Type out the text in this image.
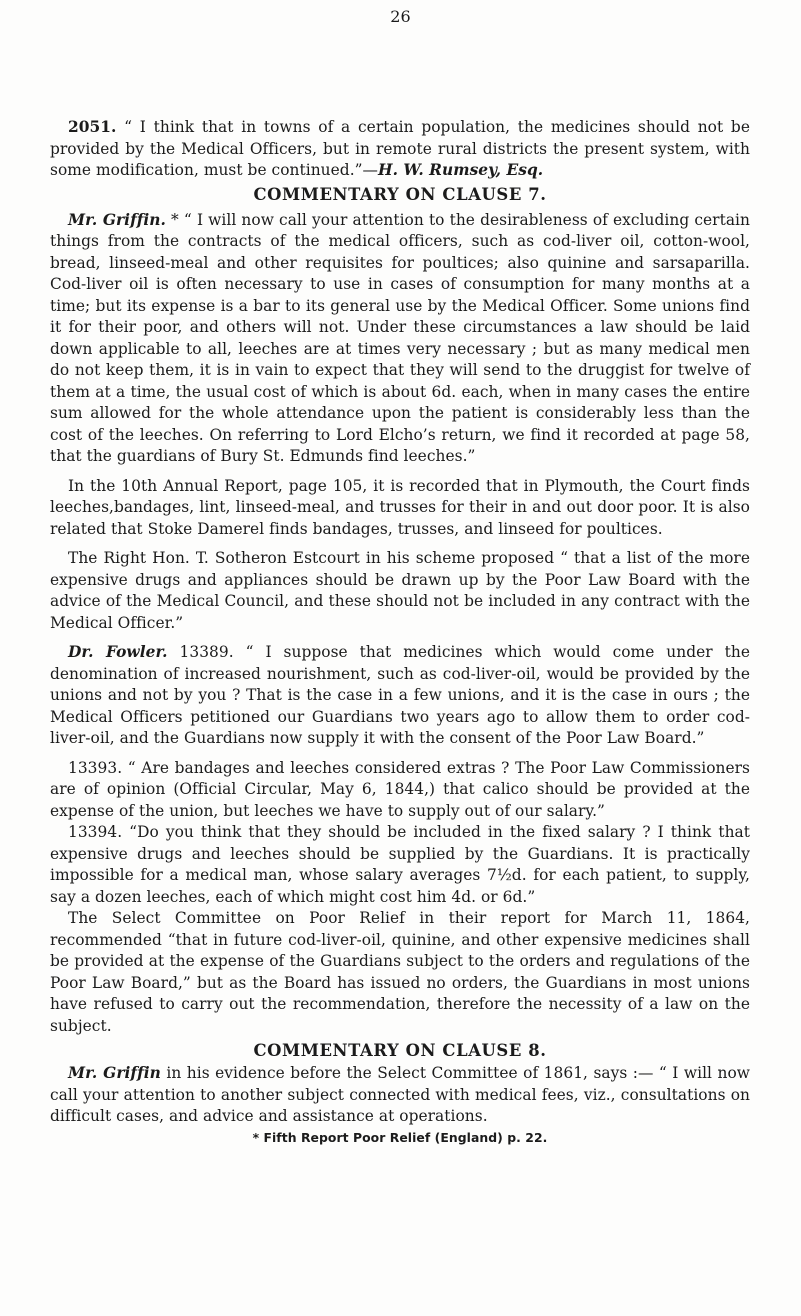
26

2051. “ I think that in towns of a certain population, the medicines should not be provided by the Medical Officers, but in remote rural districts the present system, with some modification, must be continued.”—H. W. Rumsey, Esq.

COMMENTARY ON CLAUSE 7.

Mr. Griffin. * “ I will now call your attention to the desirableness of excluding certain things from the contracts of the medical officers, such as cod-liver oil, cotton-wool, bread, linseed-meal and other requisites for poultices; also quinine and sarsaparilla. Cod-liver oil is often necessary to use in cases of consumption for many months at a time; but its expense is a bar to its general use by the Medical Officer. Some unions find it for their poor, and others will not. Under these circumstances a law should be laid down applicable to all, leeches are at times very necessary ; but as many medical men do not keep them, it is in vain to expect that they will send to the druggist for twelve of them at a time, the usual cost of which is about 6d. each, when in many cases the entire sum allowed for the whole attendance upon the patient is considerably less than the cost of the leeches. On referring to Lord Elcho’s return, we find it recorded at page 58, that the guardians of Bury St. Edmunds find leeches.”

In the 10th Annual Report, page 105, it is recorded that in Plymouth, the Court finds leeches,bandages, lint, linseed-meal, and trusses for their in and out door poor. It is also related that Stoke Damerel finds bandages, trusses, and linseed for poultices.

The Right Hon. T. Sotheron Estcourt in his scheme proposed “ that a list of the more expensive drugs and appliances should be drawn up by the Poor Law Board with the advice of the Medical Council, and these should not be included in any contract with the Medical Officer.”

Dr. Fowler. 13389. “ I suppose that medicines which would come under the denomination of increased nourishment, such as cod-liver-oil, would be provided by the unions and not by you ? That is the case in a few unions, and it is the case in ours ; the Medical Officers petitioned our Guardians two years ago to allow them to order cod-liver-oil, and the Guardians now supply it with the consent of the Poor Law Board.”

13393. “ Are bandages and leeches considered extras ? The Poor Law Commissioners are of opinion (Official Circular, May 6, 1844,) that calico should be provided at the expense of the union, but leeches we have to supply out of our salary.”

13394. “Do you think that they should be included in the fixed salary ? I think that expensive drugs and leeches should be supplied by the Guardians. It is practically impossible for a medical man, whose salary averages 7½d. for each patient, to supply, say a dozen leeches, each of which might cost him 4d. or 6d.”

The Select Committee on Poor Relief in their report for March 11, 1864, recommended “that in future cod-liver-oil, quinine, and other expensive medicines shall be provided at the expense of the Guardians subject to the orders and regulations of the Poor Law Board,” but as the Board has issued no orders, the Guardians in most unions have refused to carry out the recommendation, therefore the necessity of a law on the subject.

COMMENTARY ON CLAUSE 8.

Mr. Griffin in his evidence before the Select Committee of 1861, says :— “ I will now call your attention to another subject connected with medical fees, viz., consultations on difficult cases, and advice and assistance at operations.

* Fifth Report Poor Relief (England) p. 22.
